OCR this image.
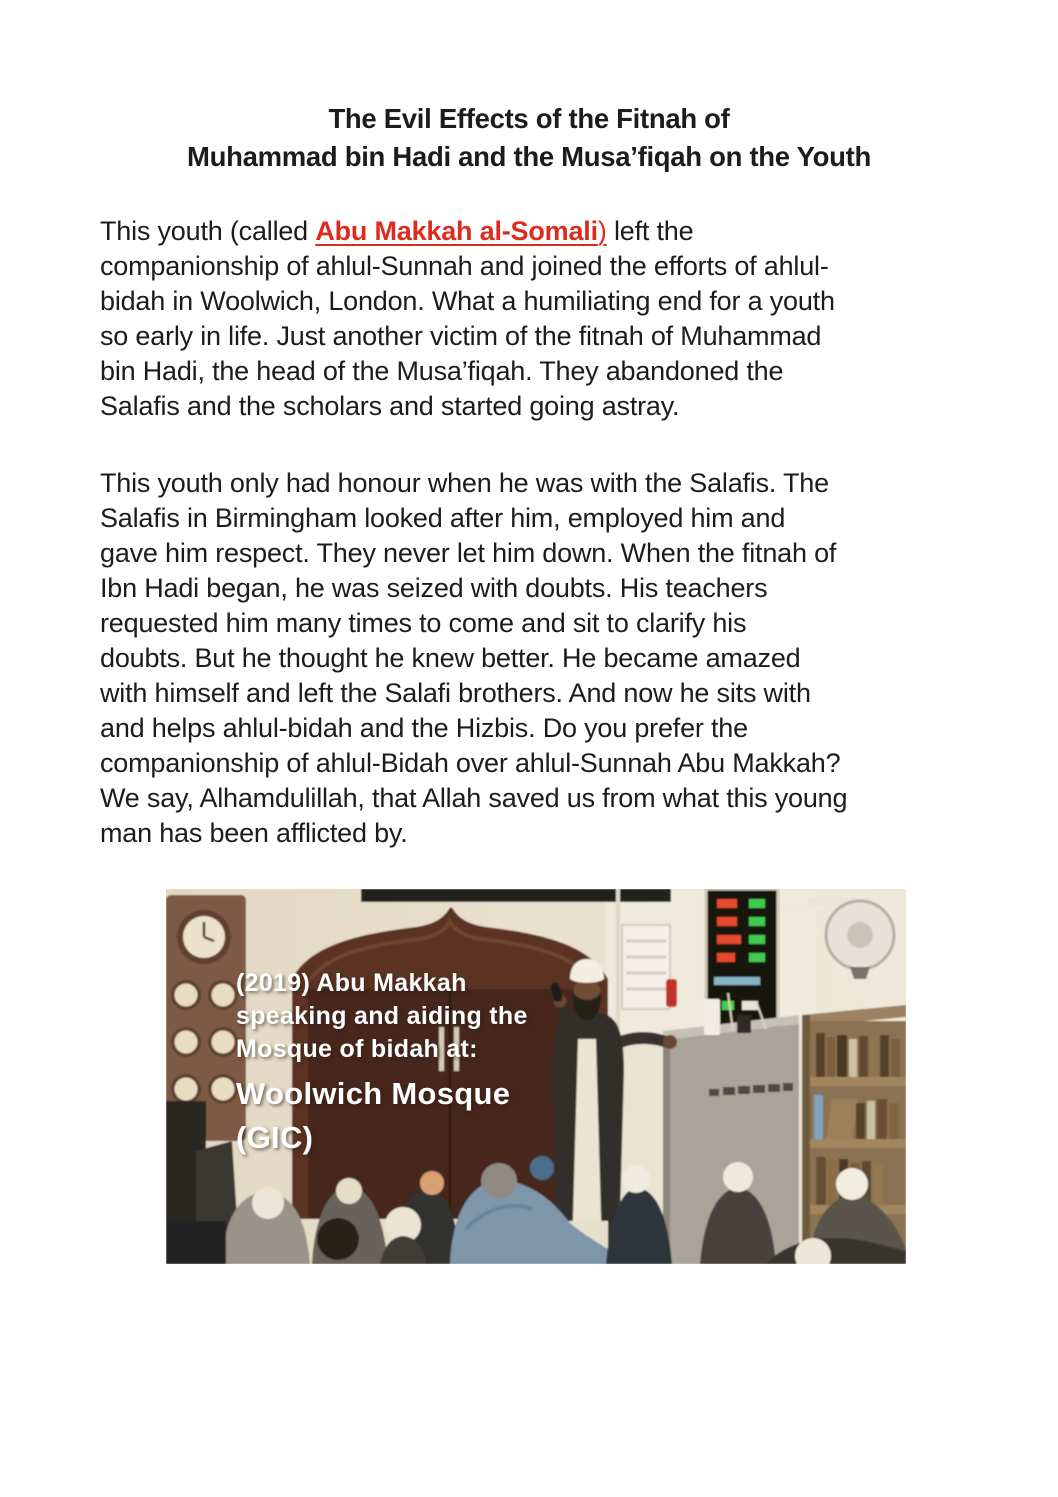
The Evil Effects of the Fitnah of
Muhammad bin Hadi and the Musa’fiqah on the Youth
This youth (called Abu Makkah al-Somali) left the
companionship of ahlul-Sunnah and joined the efforts of ahlul-
bidah in Woolwich, London. What a humiliating end for a youth
so early in life. Just another victim of the fitnah of Muhammad
bin Hadi, the head of the Musa’fiqah. They abandoned the
Salafis and the scholars and started going astray.
This youth only had honour when he was with the Salafis. The
Salafis in Birmingham looked after him, employed him and
gave him respect. They never let him down. When the fitnah of
Ibn Hadi began, he was seized with doubts. His teachers
requested him many times to come and sit to clarify his
doubts. But he thought he knew better. He became amazed
with himself and left the Salafi brothers. And now he sits with
and helps ahlul-bidah and the Hizbis. Do you prefer the
companionship of ahlul-Bidah over ahlul-Sunnah Abu Makkah?
We say, Alhamdulillah, that Allah saved us from what this young
man has been afflicted by.
(2019) Abu Makkah
speaking and aiding the
Mosque of bidah at:
Woolwich Mosque
(GIC)
